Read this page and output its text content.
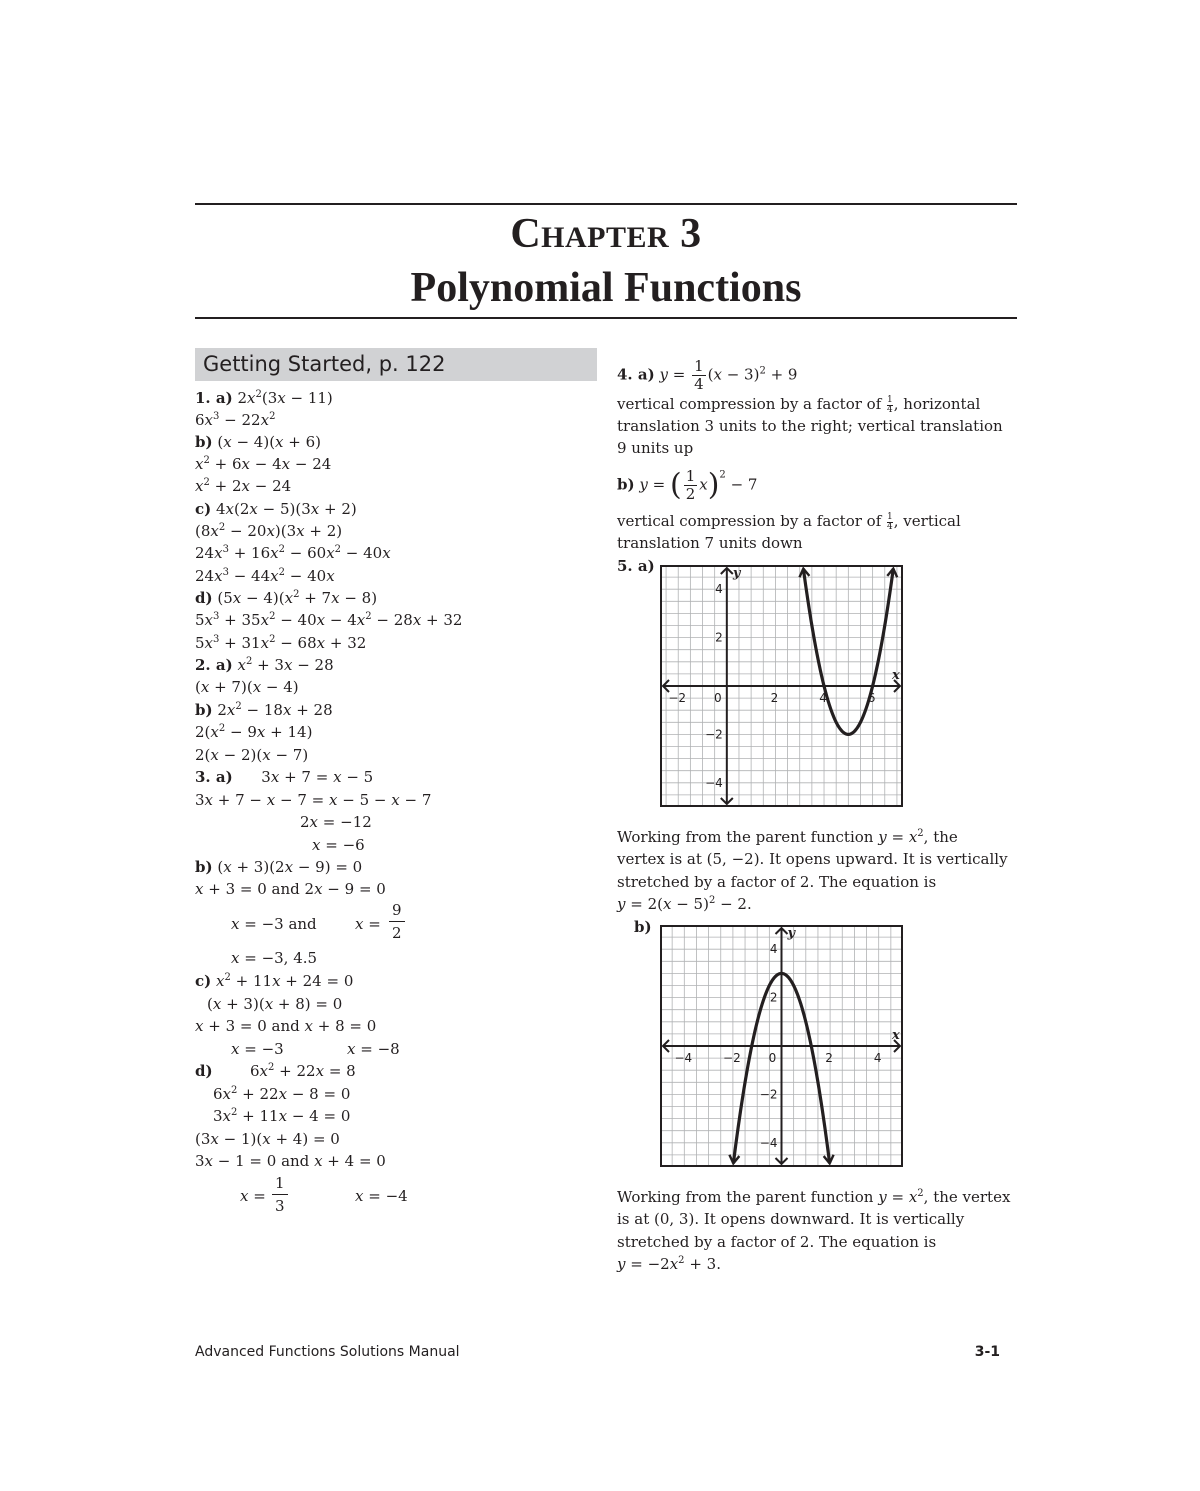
CHAPTER 3
Polynomial Functions
Getting Started, p. 122
1. a) $2x^2(3x - 11)$
$6x^3 - 22x^2$
b) (x − 4)(x + 6)
$x^2 + 6x - 4x - 24$
$x^2 + 2x - 24$
c) 4x(2x − 5)(3x + 2)
$(8x^2 - 20x)(3x + 2)$
$24x^3 + 16x^2 - 60x^2 - 40x$
$24x^3 - 44x^2 - 40x$
d) $(5x - 4)(x^2 + 7x - 8)$
$5x^3 + 35x^2 - 40x - 4x^2 - 28x + 32$
$5x^3 + 31x^2 - 68x + 32$
2. a) $x^2 + 3x - 28$
(x + 7)(x − 4)
b) $2x^2 - 18x + 28$
$2(x^2 - 9x + 14)$
2(x − 2)(x − 7)
3. a)      3x + 7 = x − 5
3x + 7 − x − 7 = x − 5 − x − 7
2x = −12
x = −6
b) (x + 3)(2x − 9) = 0
x + 3 = 0 and 2x − 9 = 0
x = −3 and	x =
9
2
x = −3, 4.5
c) $x^2 + 11x + 24 = 0$
(x + 3)(x + 8) = 0
x + 3 = 0 and x + 8 = 0
x = −3	x = −8
d) $6x^2 + 22x = 8$
$6x^2 + 22x - 8 = 0$
$3x^2 + 11x - 4 = 0$
(3x − 1)(x + 4) = 0
3x − 1 = 0 and x + 4 = 0
x =
1
3
x = −4
4. a) $y = \frac{1}{4} (x - 3)^2 + 9$
vertical compression by a factor of $\frac{1}{4}$ , horizontal
translation 3 units to the right; vertical translation
9 units up
b) y = ( $\frac{1}{2} x)^2 - 7$
vertical compression by a factor of $\frac{1}{4}$ , vertical
translation 7 units down
5. a)
−2 0	2	4	6
4
2
−2
−4
x
y
Working from the parent function $y = x^2$, the
vertex is at (5, −2). It opens upward. It is vertically
stretched by a factor of 2. The equation is
$y = 2(x - 5)^2 - 2$.
b)
−4	−2 0	2	4
4
2
−2
−4
x
y
Working from the parent function $y = x^2$, the vertex
is at (0, 3). It opens downward. It is vertically
stretched by a factor of 2. The equation is
$y = -2x^2 + 3$.
Advanced Functions Solutions Manual	3-1
